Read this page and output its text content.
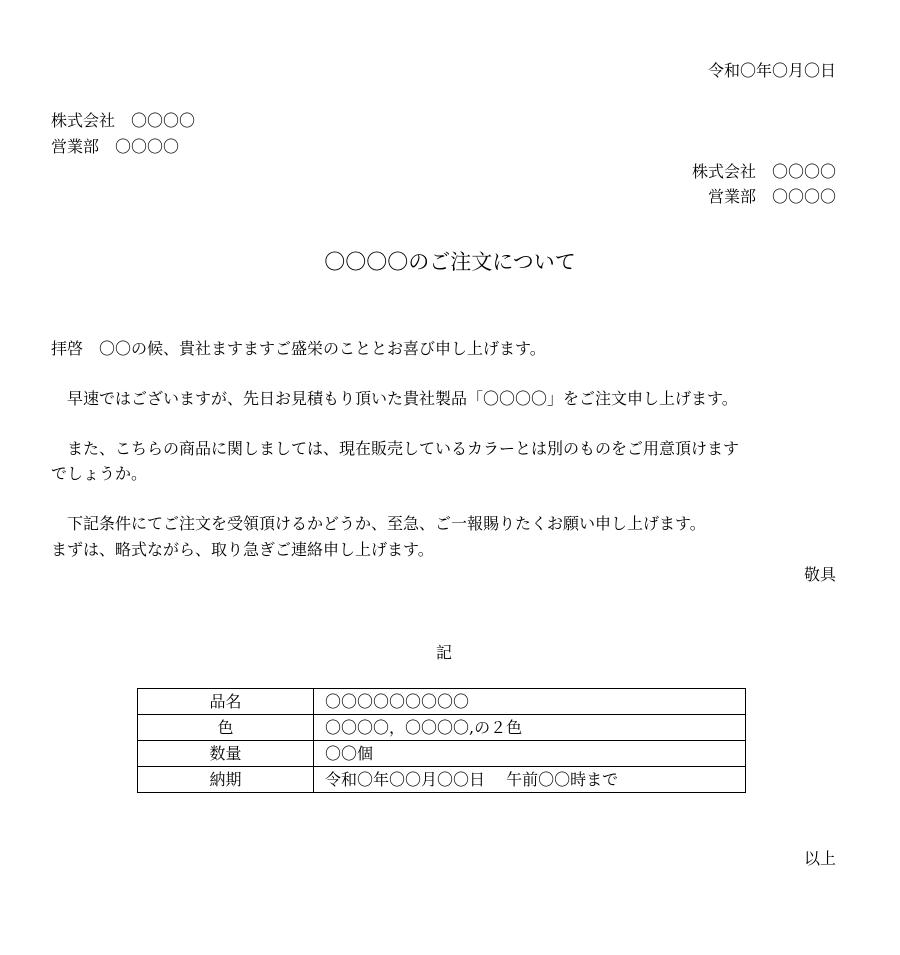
令和〇年〇月〇日
株式会社　〇〇〇〇
営業部　〇〇〇〇
株式会社　〇〇〇〇
営業部　〇〇〇〇
〇〇〇〇のご注文について
拝啓　〇〇の候、貴社ますますご盛栄のこととお喜び申し上げます。
　早速ではございますが、先日お見積もり頂いた貴社製品「〇〇〇〇」をご注文申し上げます。
　また、こちらの商品に関しましては、現在販売しているカラーとは別のものをご用意頂けます
でしょうか。
　下記条件にてご注文を受領頂けるかどうか、至急、ご一報賜りたくお願い申し上げます。
まずは、略式ながら、取り急ぎご連絡申し上げます。
敬具
記
品名	〇〇〇〇〇〇〇〇〇
色	〇〇〇〇，〇〇〇〇,の２色
数量	〇〇個
納期	令和〇年〇〇月〇〇日　 午前〇〇時まで
以上
